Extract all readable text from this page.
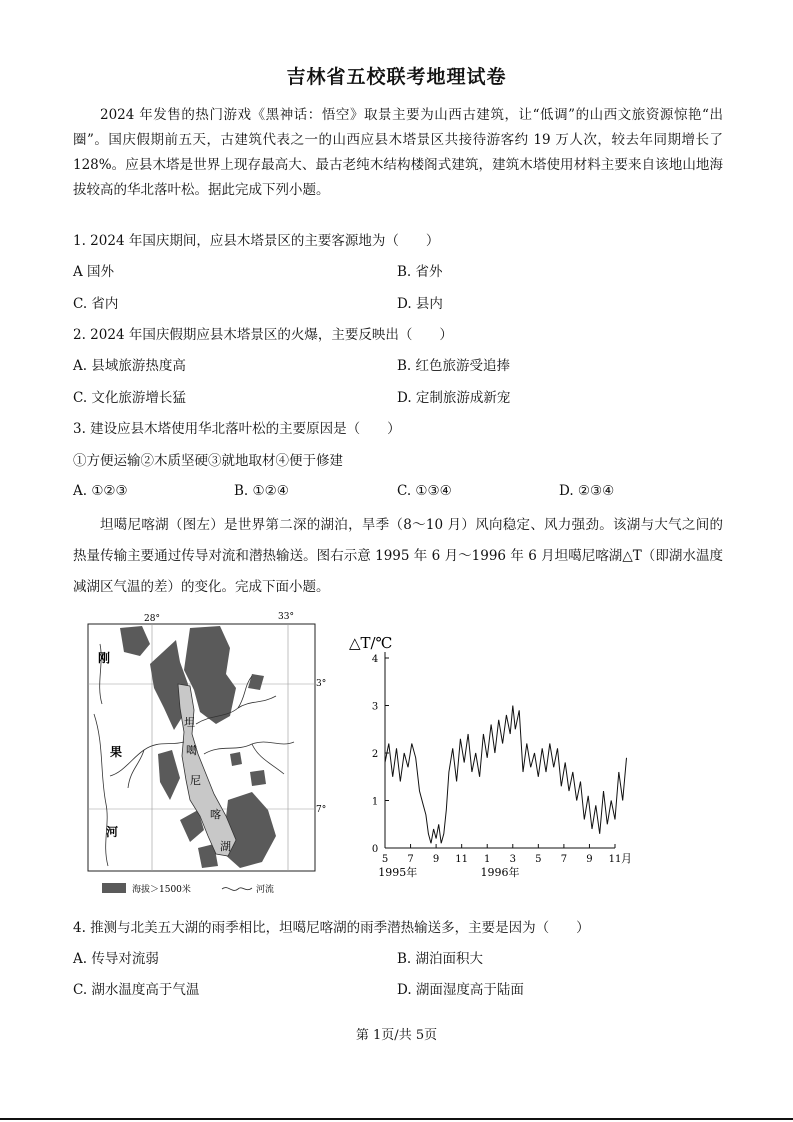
吉林省五校联考地理试卷
2024 年发售的热门游戏《黑神话：悟空》取景主要为山西古建筑，让“低调”的山西文旅资源惊艳“出圈”。国庆假期前五天，古建筑代表之一的山西应县木塔景区共接待游客约 19 万人次，较去年同期增长了 128%。应县木塔是世界上现存最高大、最古老纯木结构楼阁式建筑，建筑木塔使用材料主要来自该地山地海拔较高的华北落叶松。据此完成下列小题。
1. 2024 年国庆期间，应县木塔景区的主要客源地为（　　）
A 国外	B. 省外
C. 省内	D. 县内
2. 2024 年国庆假期应县木塔景区的火爆，主要反映出（　　）
A. 县域旅游热度高	B. 红色旅游受追捧
C. 文化旅游增长猛	D. 定制旅游成新宠
3. 建设应县木塔使用华北落叶松的主要原因是（　　）
①方便运输②木质坚硬③就地取材④便于修建
A. ①②③	B. ①②④	C. ①③④	D. ②③④
坦噶尼喀湖（图左）是世界第二深的湖泊，旱季（8～10 月）风向稳定、风力强劲。该湖与大气之间的热量传输主要通过传导对流和潜热输送。图右示意 1995 年 6 月～1996 年 6 月坦噶尼喀湖△T（即湖水温度减湖区气温的差）的变化。完成下面小题。
28°	33°
3°
7°
刚
果
河
坦
噶
尼
喀
湖
海拔＞1500米	河流
△T/℃
0
1
2
3
4
5 7 9 11 1 3 5 7 9 11 月
1995年	1996年
4. 推测与北美五大湖的雨季相比，坦噶尼喀湖的雨季潜热输送多，主要是因为（　　）
A. 传导对流弱	B. 湖泊面积大
C. 湖水温度高于气温	D. 湖面湿度高于陆面
第 1页/共 5页
